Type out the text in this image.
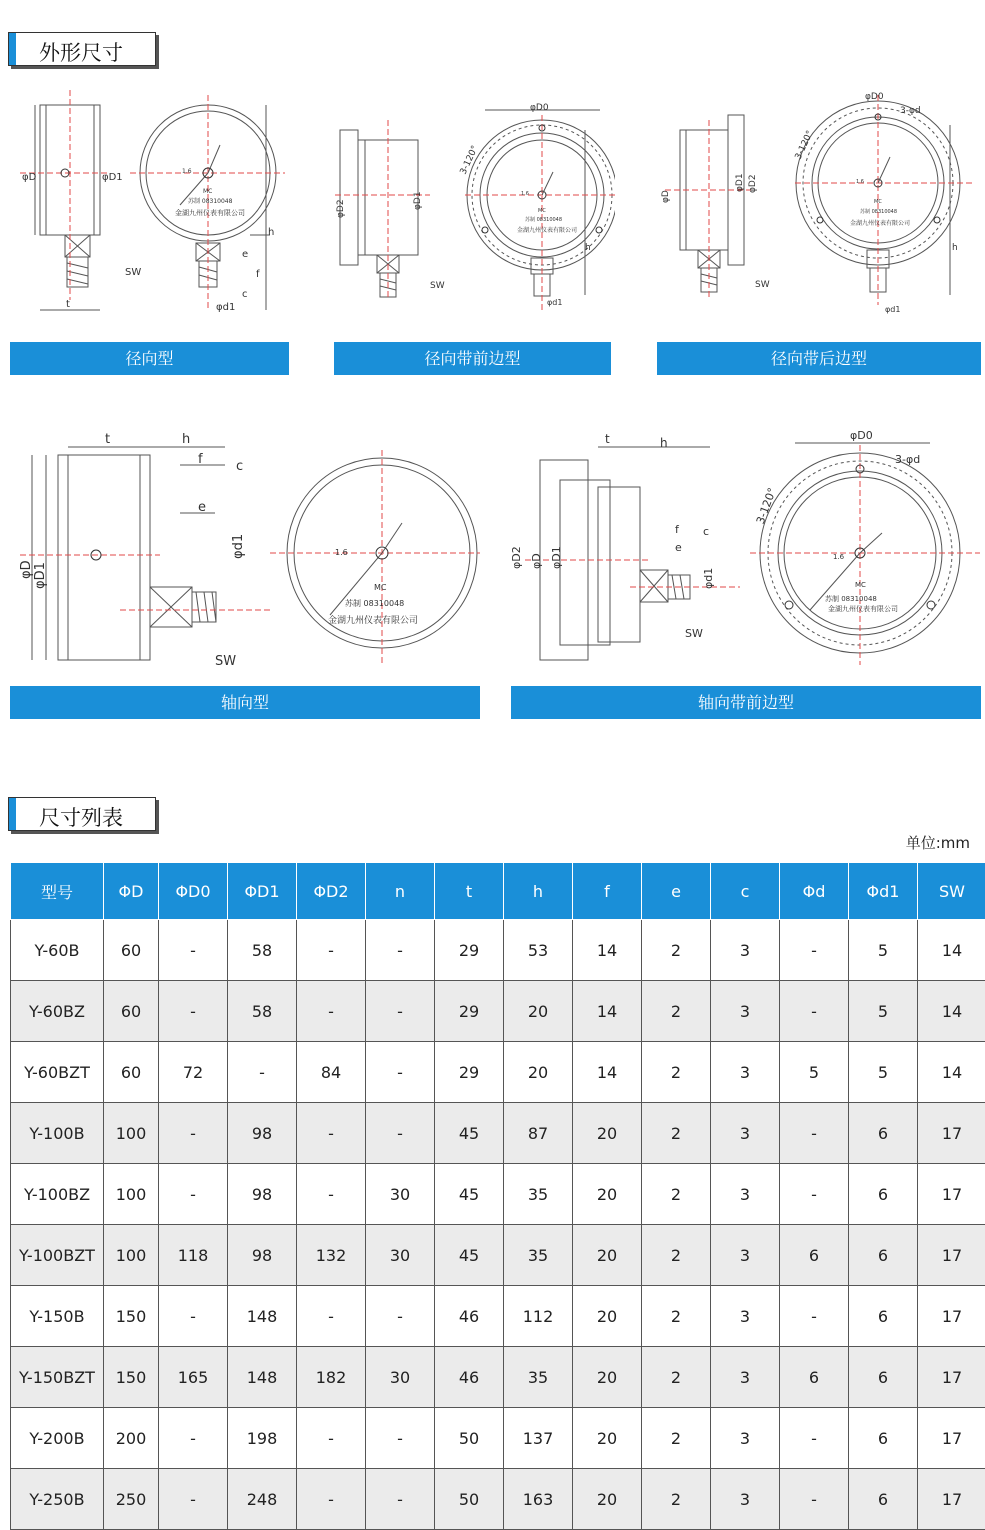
外形尺寸
φD	φD1
SW
t	φd1
h
e
f
c
1.6
MC
苏制 08310048
金湖九州仪表有限公司
径向型
φD0
3-120°
φD2	φD1
SW
φd1
h
1.6
MC
苏制 08310048
金湖九州仪表有限公司
径向带前边型
φD0
3-φd
3-120°
φD
φD1 φD2
SW
φd1
h
1.6
MC
苏制 08310048
金湖九州仪表有限公司
径向带后边型
t	h
f	c
e
φD φD1
φd1
SW
1.6
MC
苏制 08310048
金湖九州仪表有限公司
轴向型
t	h
f c
e
φD2 φD φD1
φd1
SW
φD0
3-φd
3-120°
1.6
MC
苏制 08310048
金湖九州仪表有限公司
轴向带前边型
尺寸列表
单位:mm
型号	ΦD	ΦD0	ΦD1	ΦD2	n	t	h	f	e	c	Φd	Φd1	SW
Y-60B	60	-	58	-	-	29	53	14	2	3	-	5	14
Y-60BZ	60	-	58	-	-	29	20	14	2	3	-	5	14
Y-60BZT	60	72	-	84	-	29	20	14	2	3	5	5	14
Y-100B	100	-	98	-	-	45	87	20	2	3	-	6	17
Y-100BZ	100	-	98	-	30	45	35	20	2	3	-	6	17
Y-100BZT	100	118	98	132	30	45	35	20	2	3	6	6	17
Y-150B	150	-	148	-	-	46	112	20	2	3	-	6	17
Y-150BZT	150	165	148	182	30	46	35	20	2	3	6	6	17
Y-200B	200	-	198	-	-	50	137	20	2	3	-	6	17
Y-250B	250	-	248	-	-	50	163	20	2	3	-	6	17
